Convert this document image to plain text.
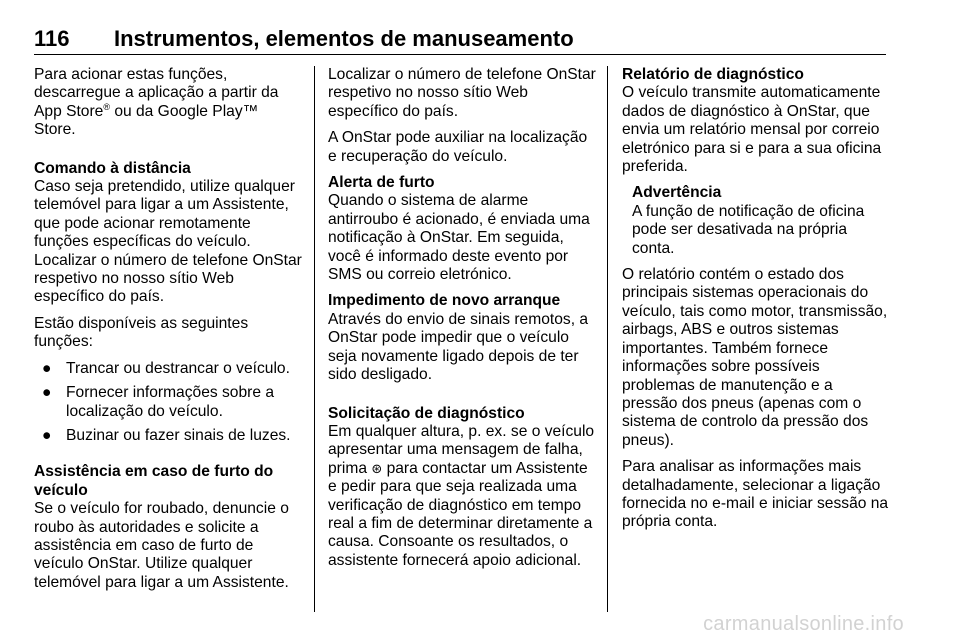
116	Instrumentos, elementos de manuseamento

Para acionar estas funções, descarregue a aplicação a partir da App Store® ou da Google Play™ Store.

Comando à distância

Caso seja pretendido, utilize qualquer telemóvel para ligar a um Assistente, que pode acionar remotamente funções específicas do veículo. Localizar o número de telefone OnStar respetivo no nosso sítio Web específico do país.

Estão disponíveis as seguintes funções:

● Trancar ou destrancar o veículo.
● Fornecer informações sobre a localização do veículo.
● Buzinar ou fazer sinais de luzes.

Assistência em caso de furto do veículo

Se o veículo for roubado, denuncie o roubo às autoridades e solicite a assistência em caso de furto de veículo OnStar. Utilize qualquer telemóvel para ligar a um Assistente.

Localizar o número de telefone OnStar respetivo no nosso sítio Web específico do país.

A OnStar pode auxiliar na localização e recuperação do veículo.

Alerta de furto

Quando o sistema de alarme antirroubo é acionado, é enviada uma notificação à OnStar. Em seguida, você é informado deste evento por SMS ou correio eletrónico.

Impedimento de novo arranque

Através do envio de sinais remotos, a OnStar pode impedir que o veículo seja novamente ligado depois de ter sido desligado.

Solicitação de diagnóstico

Em qualquer altura, p. ex. se o veículo apresentar uma mensagem de falha, prima ⊛ para contactar um Assistente e pedir para que seja realizada uma verificação de diagnóstico em tempo real a fim de determinar diretamente a causa. Consoante os resultados, o assistente fornecerá apoio adicional.

Relatório de diagnóstico

O veículo transmite automaticamente dados de diagnóstico à OnStar, que envia um relatório mensal por correio eletrónico para si e para a sua oficina preferida.

Advertência
A função de notificação de oficina pode ser desativada na própria conta.

O relatório contém o estado dos principais sistemas operacionais do veículo, tais como motor, transmissão, airbags, ABS e outros sistemas importantes. Também fornece informações sobre possíveis problemas de manutenção e a pressão dos pneus (apenas com o sistema de controlo da pressão dos pneus).

Para analisar as informações mais detalhadamente, selecionar a ligação fornecida no e-mail e iniciar sessão na própria conta.

carmanualsonline.info
